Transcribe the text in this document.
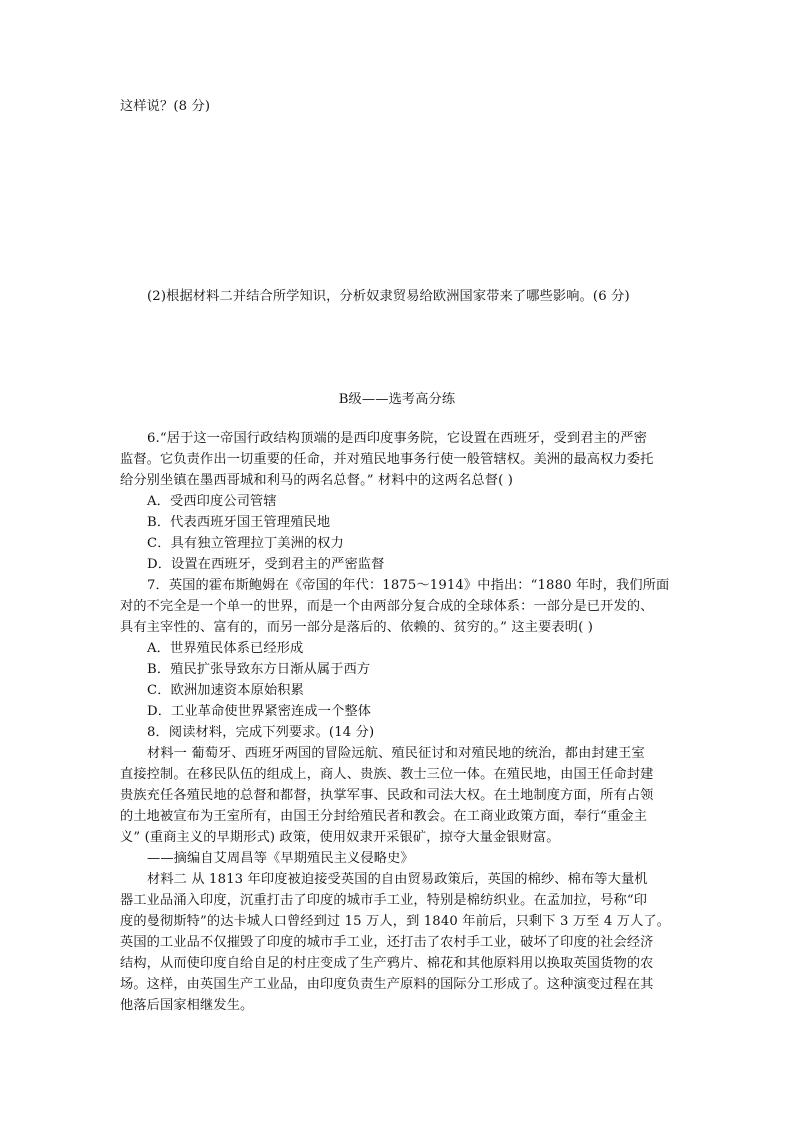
这样说？(8 分)
(2)根据材料二并结合所学知识，分析奴隶贸易给欧洲国家带来了哪些影响。(6 分)
B级——选考高分练
6.“居于这一帝国行政结构顶端的是西印度事务院，它设置在西班牙，受到君主的严密
监督。它负责作出一切重要的任命，并对殖民地事务行使一般管辖权。美洲的最高权力委托
给分别坐镇在墨西哥城和利马的两名总督。” 材料中的这两名总督( )
A．受西印度公司管辖
B．代表西班牙国王管理殖民地
C．具有独立管理拉丁美洲的权力
D．设置在西班牙，受到君主的严密监督
7．英国的霍布斯鲍姆在《帝国的年代：1875～1914》中指出：“1880 年时，我们所面
对的不完全是一个单一的世界，而是一个由两部分复合成的全球体系：一部分是已开发的、
具有主宰性的、富有的，而另一部分是落后的、依赖的、贫穷的。” 这主要表明( )
A．世界殖民体系已经形成
B．殖民扩张导致东方日渐从属于西方
C．欧洲加速资本原始积累
D．工业革命使世界紧密连成一个整体
8．阅读材料，完成下列要求。(14 分)
材料一 葡萄牙、西班牙两国的冒险远航、殖民征讨和对殖民地的统治，都由封建王室
直接控制。在移民队伍的组成上，商人、贵族、教士三位一体。在殖民地，由国王任命封建
贵族充任各殖民地的总督和都督，执掌军事、民政和司法大权。在土地制度方面，所有占领
的土地被宣布为王室所有，由国王分封给殖民者和教会。在工商业政策方面，奉行“重金主
义” (重商主义的早期形式) 政策，使用奴隶开采银矿，掠夺大量金银财富。
——摘编自艾周昌等《早期殖民主义侵略史》
材料二 从 1813 年印度被迫接受英国的自由贸易政策后，英国的棉纱、棉布等大量机
器工业品涌入印度，沉重打击了印度的城市手工业，特别是棉纺织业。在孟加拉，号称“印
度的曼彻斯特”的达卡城人口曾经到过 15 万人，到 1840 年前后，只剩下 3 万至 4 万人了。
英国的工业品不仅摧毁了印度的城市手工业，还打击了农村手工业，破坏了印度的社会经济
结构，从而使印度自给自足的村庄变成了生产鸦片、棉花和其他原料用以换取英国货物的农
场。这样，由英国生产工业品，由印度负责生产原料的国际分工形成了。这种演变过程在其
他落后国家相继发生。
